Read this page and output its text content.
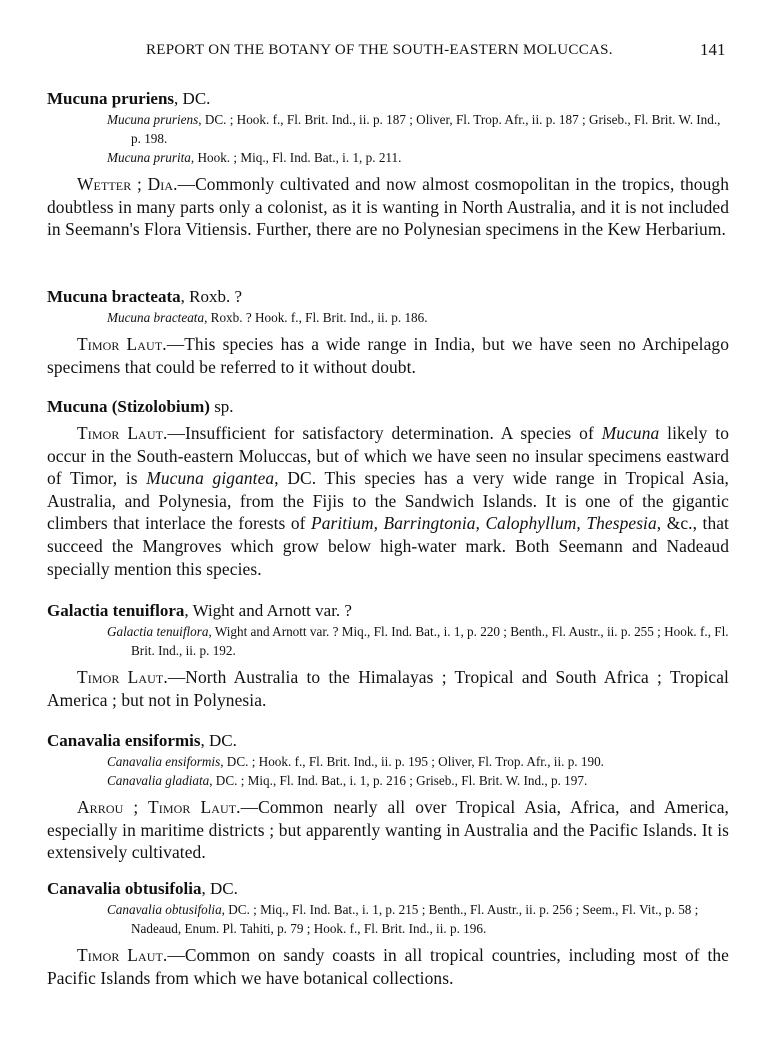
REPORT ON THE BOTANY OF THE SOUTH-EASTERN MOLUCCAS.	141

Mucuna pruriens, DC.

Mucuna pruriens, DC. ; Hook. f., Fl. Brit. Ind., ii. p. 187 ; Oliver, Fl. Trop. Afr., ii. p. 187 ; Griseb., Fl. Brit. W. Ind., p. 198.

Mucuna prurita, Hook. ; Miq., Fl. Ind. Bat., i. 1, p. 211.

Wetter ; Dia.—Commonly cultivated and now almost cosmopolitan in the tropics, though doubtless in many parts only a colonist, as it is wanting in North Australia, and it is not included in Seemann's Flora Vitiensis. Further, there are no Polynesian specimens in the Kew Herbarium.

Mucuna bracteata, Roxb. ?

Mucuna bracteata, Roxb. ? Hook. f., Fl. Brit. Ind., ii. p. 186.

Timor Laut.—This species has a wide range in India, but we have seen no Archipelago specimens that could be referred to it without doubt.

Mucuna (Stizolobium) sp.

Timor Laut.—Insufficient for satisfactory determination. A species of Mucuna likely to occur in the South-eastern Moluccas, but of which we have seen no insular specimens eastward of Timor, is Mucuna gigantea, DC. This species has a very wide range in Tropical Asia, Australia, and Polynesia, from the Fijis to the Sandwich Islands. It is one of the gigantic climbers that interlace the forests of Paritium, Barringtonia, Calophyllum, Thespesia, &c., that succeed the Mangroves which grow below high-water mark. Both Seemann and Nadeaud specially mention this species.

Galactia tenuiflora, Wight and Arnott var. ?

Galactia tenuiflora, Wight and Arnott var. ? Miq., Fl. Ind. Bat., i. 1, p. 220 ; Benth., Fl. Austr., ii. p. 255 ; Hook. f., Fl. Brit. Ind., ii. p. 192.

Timor Laut.—North Australia to the Himalayas ; Tropical and South Africa ; Tropical America ; but not in Polynesia.

Canavalia ensiformis, DC.

Canavalia ensiformis, DC. ; Hook. f., Fl. Brit. Ind., ii. p. 195 ; Oliver, Fl. Trop. Afr., ii. p. 190.

Canavalia gladiata, DC. ; Miq., Fl. Ind. Bat., i. 1, p. 216 ; Griseb., Fl. Brit. W. Ind., p. 197.

Arrou ; Timor Laut.—Common nearly all over Tropical Asia, Africa, and America, especially in maritime districts ; but apparently wanting in Australia and the Pacific Islands. It is extensively cultivated.

Canavalia obtusifolia, DC.

Canavalia obtusifolia, DC. ; Miq., Fl. Ind. Bat., i. 1, p. 215 ; Benth., Fl. Austr., ii. p. 256 ; Seem., Fl. Vit., p. 58 ; Nadeaud, Enum. Pl. Tahiti, p. 79 ; Hook. f., Fl. Brit. Ind., ii. p. 196.

Timor Laut.—Common on sandy coasts in all tropical countries, including most of the Pacific Islands from which we have botanical collections.
